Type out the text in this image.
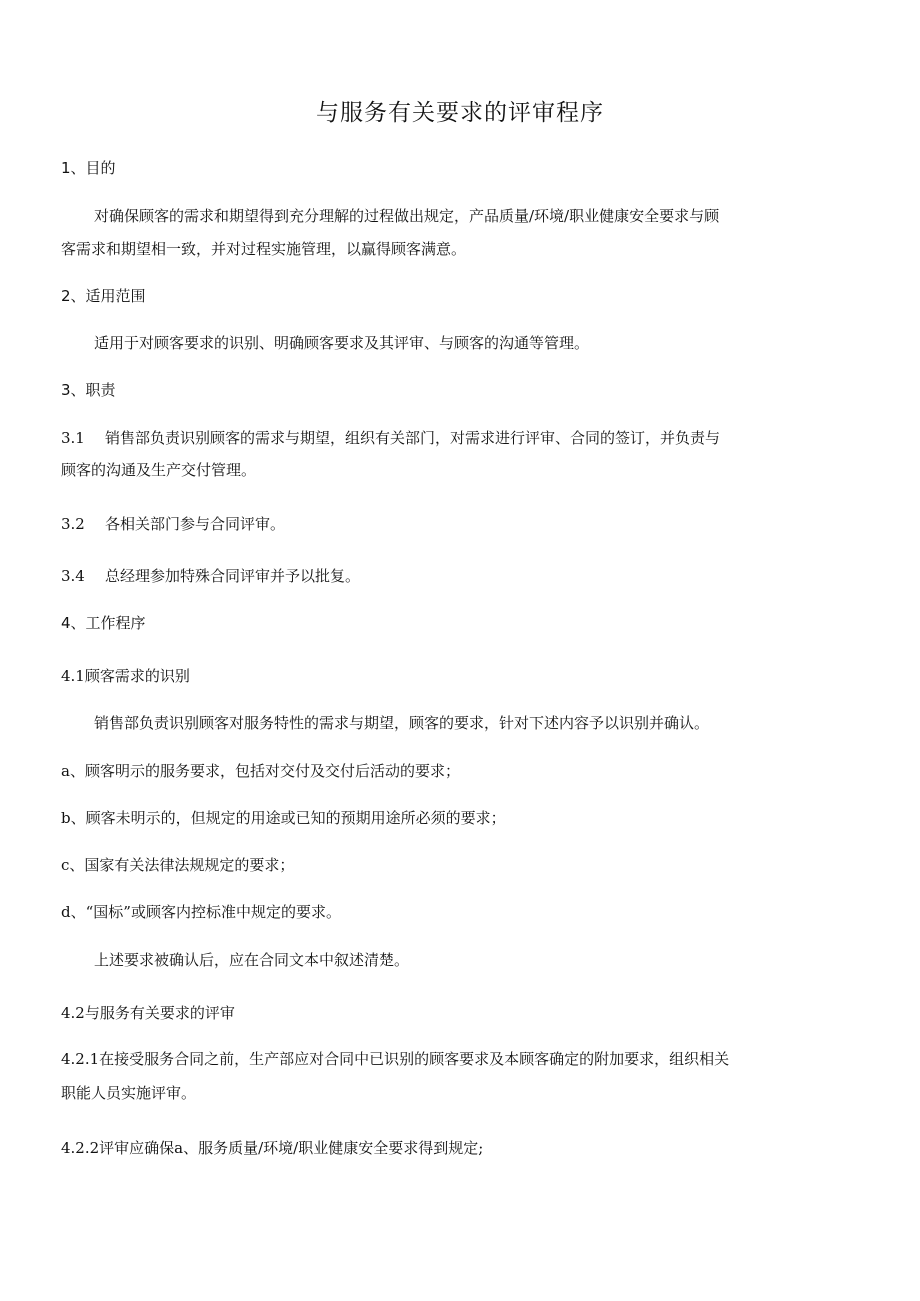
与服务有关要求的评审程序

1、目的

对确保顾客的需求和期望得到充分理解的过程做出规定，产品质量/环境/职业健康安全要求与顾

客需求和期望相一致，并对过程实施管理，以赢得顾客满意。

2、适用范围

适用于对顾客要求的识别、明确顾客要求及其评审、与顾客的沟通等管理。

3、职责

3.1 销售部负责识别顾客的需求与期望，组织有关部门，对需求进行评审、合同的签订，并负责与

顾客的沟通及生产交付管理。

3.2 各相关部门参与合同评审。

3.4 总经理参加特殊合同评审并予以批复。

4、工作程序

4.1顾客需求的识别

销售部负责识别顾客对服务特性的需求与期望，顾客的要求，针对下述内容予以识别并确认。

a、顾客明示的服务要求，包括对交付及交付后活动的要求；

b、顾客未明示的，但规定的用途或已知的预期用途所必须的要求；

c、国家有关法律法规规定的要求；

d、“国标”或顾客内控标准中规定的要求。

上述要求被确认后，应在合同文本中叙述清楚。

4.2与服务有关要求的评审

4.2.1在接受服务合同之前，生产部应对合同中已识别的顾客要求及本顾客确定的附加要求，组织相关

职能人员实施评审。

4.2.2评审应确保a、服务质量/环境/职业健康安全要求得到规定;
